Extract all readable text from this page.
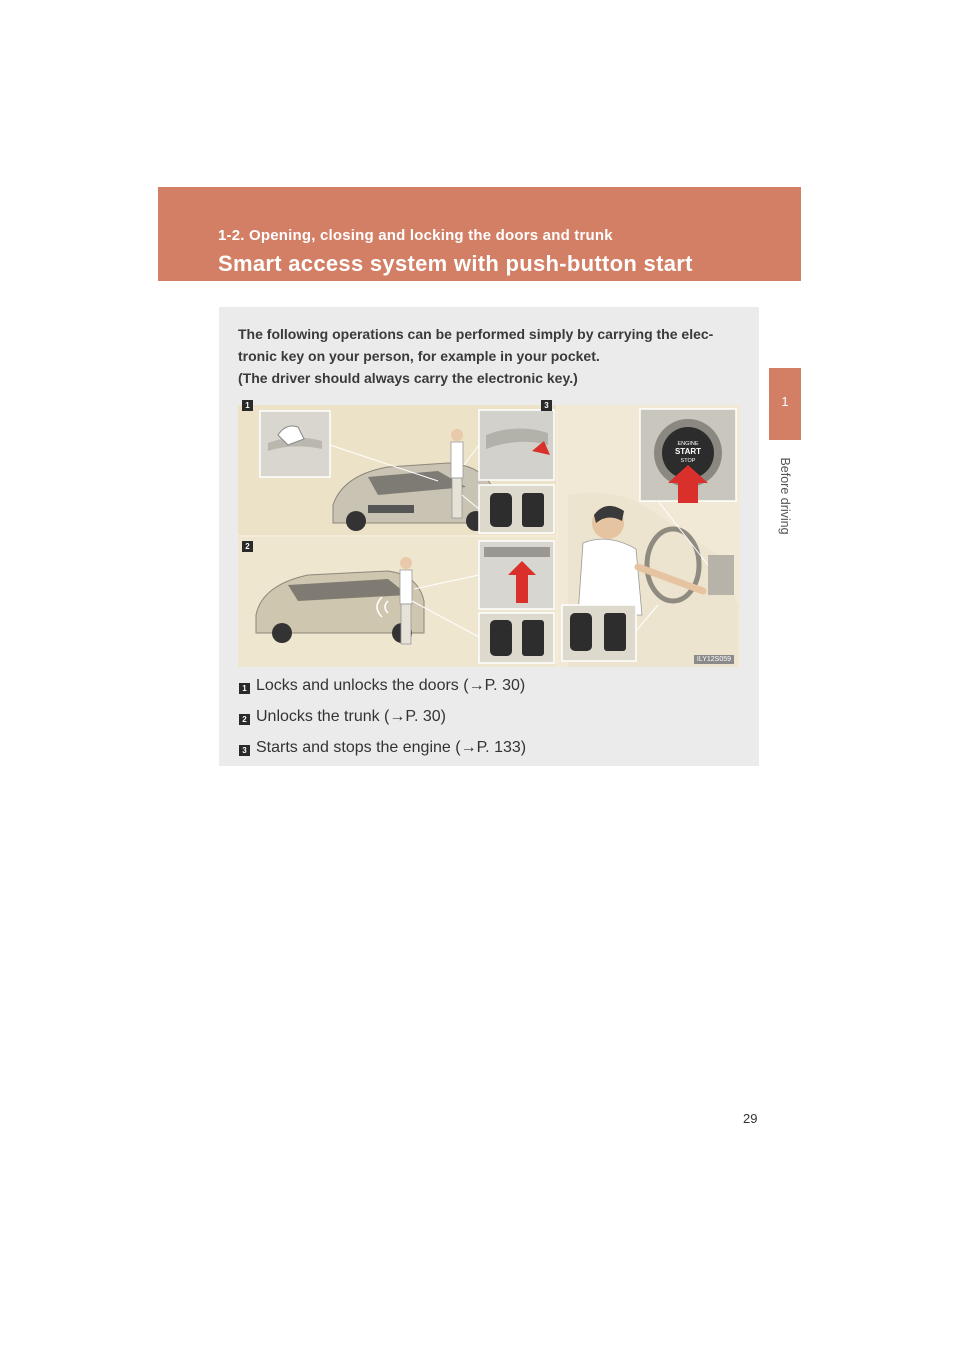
1-2. Opening, closing and locking the doors and trunk
Smart access system with push-button start
1
Before driving
The following operations can be performed simply by carrying the elec-
tronic key on your person, for example in your pocket.
(The driver should always carry the electronic key.)
ENGINE
START
STOP
1
2
3
ILY12S059
1 Locks and unlocks the doors (→P. 30)
2 Unlocks the trunk (→P. 30)
3 Starts and stops the engine (→P. 133)
29
